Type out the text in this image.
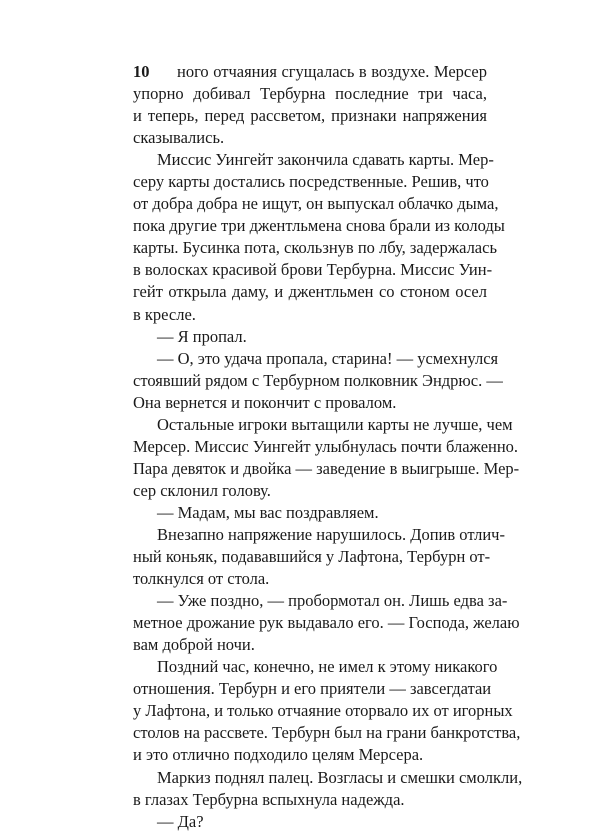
10	ного отчаяния сгущалась в воздухе. Мерсер
упорно добивал Тербурна последние три часа,
и теперь, перед рассветом, признаки напряжения
сказывались.
Миссис Уингейт закончила сдавать карты. Мер-
серу карты достались посредственные. Решив, что
от добра добра не ищут, он выпускал облачко дыма,
пока другие три джентльмена снова брали из колоды
карты. Бусинка пота, скользнув по лбу, задержалась
в волосках красивой брови Тербурна. Миссис Уин-
гейт открыла даму, и джентльмен со стоном осел
в кресле.
— Я пропал.
— О, это удача пропала, старина! — усмехнулся
стоявший рядом с Тербурном полковник Эндрюс. —
Она вернется и покончит с провалом.
Остальные игроки вытащили карты не лучше, чем
Мерсер. Миссис Уингейт улыбнулась почти блаженно.
Пара девяток и двойка — заведение в выигрыше. Мер-
сер склонил голову.
— Мадам, мы вас поздравляем.
Внезапно напряжение нарушилось. Допив отлич-
ный коньяк, подававшийся у Лафтона, Тербурн от-
толкнулся от стола.
— Уже поздно, — пробормотал он. Лишь едва за-
метное дрожание рук выдавало его. — Господа, желаю
вам доброй ночи.
Поздний час, конечно, не имел к этому никакого
отношения. Тербурн и его приятели — завсегдатаи
у Лафтона, и только отчаяние оторвало их от игорных
столов на рассвете. Тербурн был на грани банкротства,
и это отлично подходило целям Мерсера.
Маркиз поднял палец. Возгласы и смешки смолкли,
в глазах Тербурна вспыхнула надежда.
— Да?
